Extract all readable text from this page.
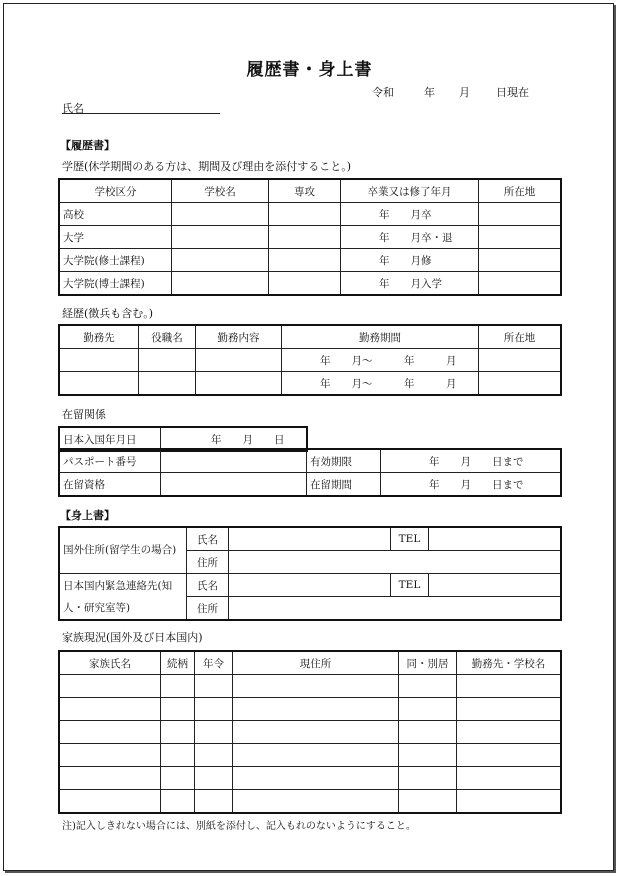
履歴書・身上書
令和	年 月 日現在
氏名
【履歴書】
学歴(休学期間のある方は、期間及び理由を添付すること。)
学校区分	学校名	専攻	卒業又は修了年月	所在地
高校			年　　月卒	
大学			年　　月卒・退	
大学院(修士課程)			年　　月修	
大学院(博士課程)			年　　月入学	
経歴(徴兵も含む。)
勤務先	役職名	勤務内容	勤務期間	所在地
			年　　月～　　　年　　　月	
			年　　月～　　　年　　　月	
在留関係
日本入国年月日	年　　月　　日
パスポート番号		有効期限	年　　月　　日まで
在留資格		在留期間	年　　月　　日まで
【身上書】
国外住所(留学生の場合)	氏名		TEL	
	住所			
日本国内緊急連絡先(知人・研究室等)	氏名		TEL	
	住所			
家族現況(国外及び日本国内)
家族氏名	続柄	年令	現住所	同・別居	勤務先・学校名

注)記入しきれない場合には、別紙を添付し、記入もれのないようにすること。
